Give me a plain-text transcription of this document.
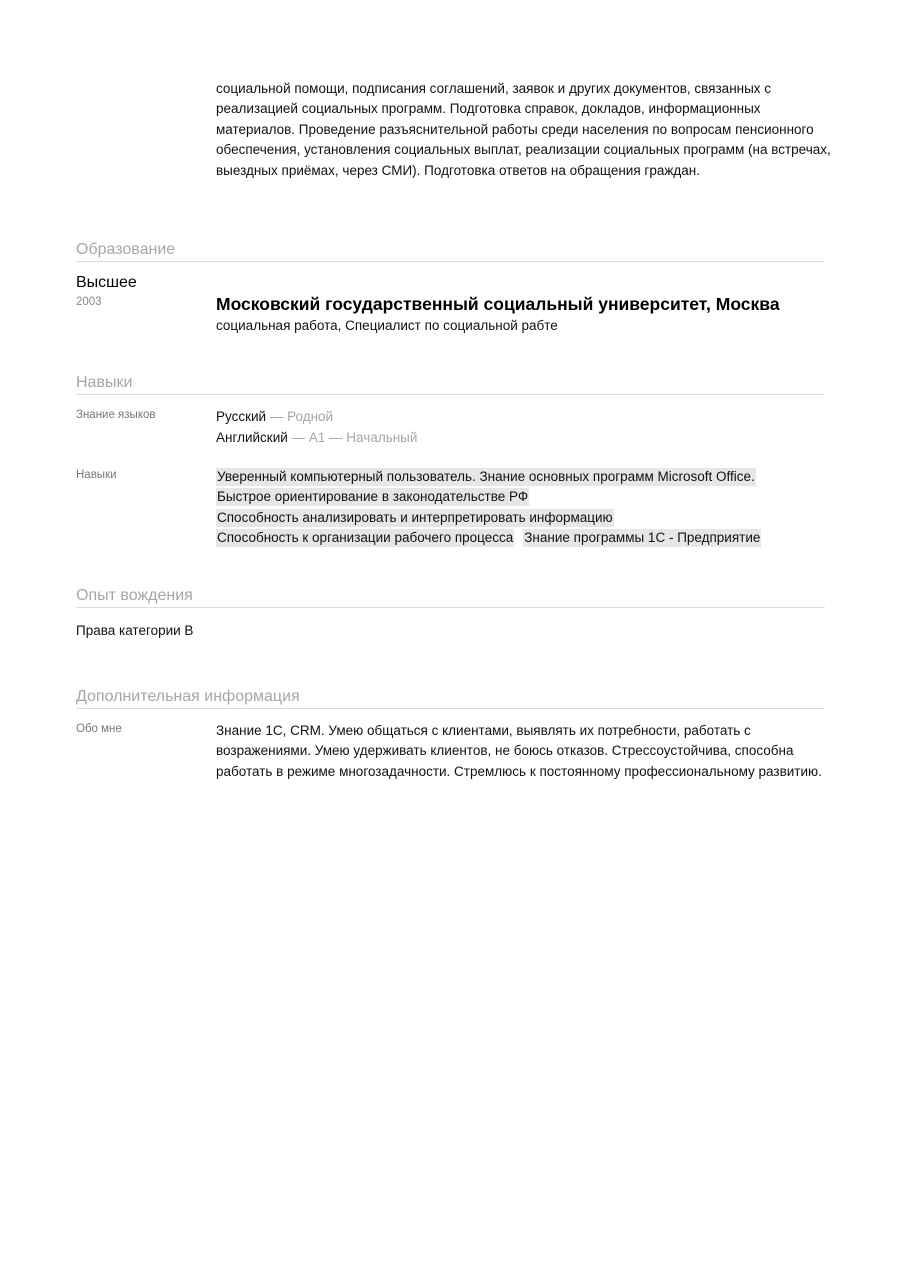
социальной помощи, подписания соглашений, заявок и других документов, связанных с реализацией социальных программ. Подготовка справок, докладов, информационных материалов. Проведение разъяснительной работы среди населения по вопросам пенсионного обеспечения, установления социальных выплат, реализации социальных программ (на встречах, выездных приёмах, через СМИ). Подготовка ответов на обращения граждан.
Образование
Высшее
2003	Московский государственный социальный университет, Москва
социальная работа, Специалист по социальной рабте
Навыки
Знание языков	Русский — Родной
Английский — A1 — Начальный
Навыки	Уверенный компьютерный пользователь. Знание основных программ Microsoft Office.
Быстрое ориентирование в законодательстве РФ
Способность анализировать и интерпретировать информацию
Способность к организации рабочего процесса Знание программы 1С - Предприятие
Опыт вождения
Права категории B
Дополнительная информация
Обо мне	Знание 1С, CRM. Умею общаться с клиентами, выявлять их потребности, работать с возражениями. Умею удерживать клиентов, не боюсь отказов. Стрессоустойчива, способна работать в режиме многозадачности. Стремлюсь к постоянному профессиональному развитию.
